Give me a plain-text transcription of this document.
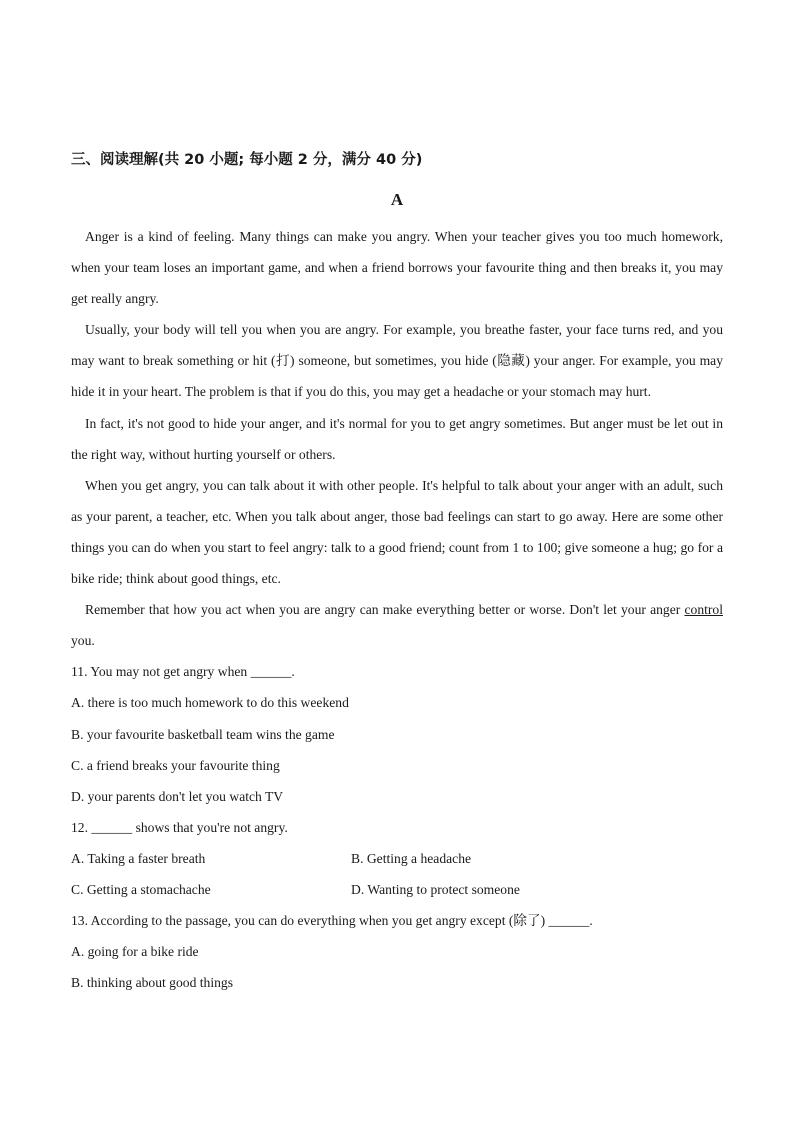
三、阅读理解(共 20 小题; 每小题 2 分，满分 40 分)
A

Anger is a kind of feeling. Many things can make you angry. When your teacher gives you too much homework, when your team loses an important game, and when a friend borrows your favourite thing and then breaks it, you may get really angry.

Usually, your body will tell you when you are angry. For example, you breathe faster, your face turns red, and you may want to break something or hit (打) someone, but sometimes, you hide (隐藏) your anger. For example, you may hide it in your heart. The problem is that if you do this, you may get a headache or your stomach may hurt.

In fact, it's not good to hide your anger, and it's normal for you to get angry sometimes. But anger must be let out in the right way, without hurting yourself or others.

When you get angry, you can talk about it with other people. It's helpful to talk about your anger with an adult, such as your parent, a teacher, etc. When you talk about anger, those bad feelings can start to go away. Here are some other things you can do when you start to feel angry: talk to a good friend; count from 1 to 100; give someone a hug; go for a bike ride; think about good things, etc.

Remember that how you act when you are angry can make everything better or worse. Don't let your anger control you.

11. You may not get angry when ______.

A. there is too much homework to do this weekend

B. your favourite basketball team wins the game

C. a friend breaks your favourite thing

D. your parents don't let you watch TV

12. ______ shows that you're not angry.

A. Taking a faster breath	B. Getting a headache
C. Getting a stomachache	D. Wanting to protect someone

13. According to the passage, you can do everything when you get angry except (除了) ______.

A. going for a bike ride

B. thinking about good things
